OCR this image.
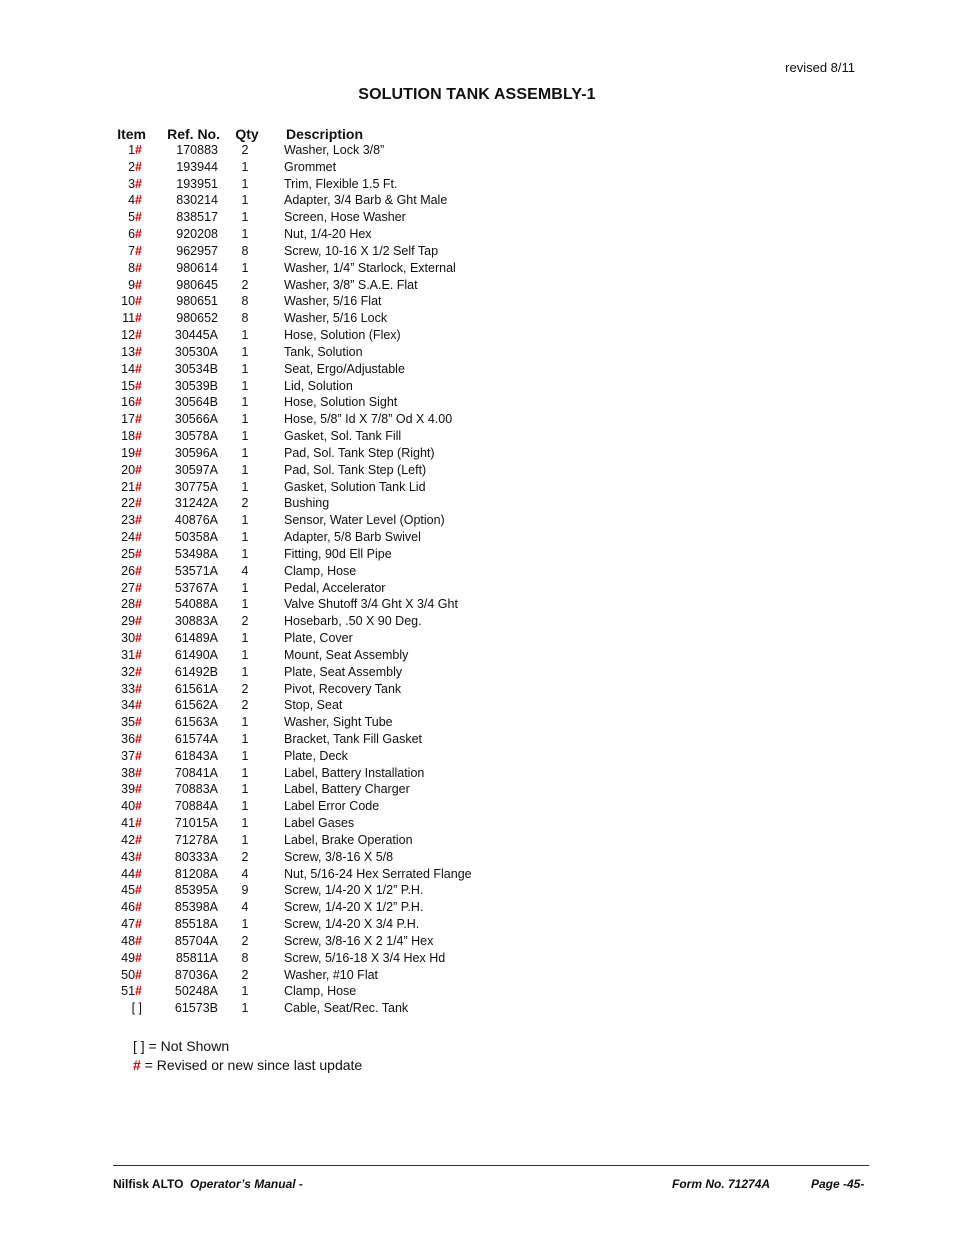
revised 8/11
SOLUTION TANK ASSEMBLY-1
Item	Ref. No.	Qty	Description
1#	170883	2	Washer, Lock 3/8”
2#	193944	1	Grommet
3#	193951	1	Trim, Flexible 1.5 Ft.
4#	830214	1	Adapter, 3/4 Barb & Ght Male
5#	838517	1	Screen, Hose Washer
6#	920208	1	Nut, 1/4-20 Hex
7#	962957	8	Screw, 10-16 X 1/2 Self Tap
8#	980614	1	Washer, 1/4” Starlock, External
9#	980645	2	Washer, 3/8” S.A.E. Flat
10#	980651	8	Washer, 5/16 Flat
11#	980652	8	Washer, 5/16 Lock
12#	30445A	1	Hose, Solution (Flex)
13#	30530A	1	Tank, Solution
14#	30534B	1	Seat, Ergo/Adjustable
15#	30539B	1	Lid, Solution
16#	30564B	1	Hose, Solution Sight
17#	30566A	1	Hose, 5/8” Id X 7/8” Od X 4.00
18#	30578A	1	Gasket, Sol. Tank Fill
19#	30596A	1	Pad, Sol. Tank Step (Right)
20#	30597A	1	Pad, Sol. Tank Step (Left)
21#	30775A	1	Gasket, Solution Tank Lid
22#	31242A	2	Bushing
23#	40876A	1	Sensor, Water Level (Option)
24#	50358A	1	Adapter, 5/8 Barb Swivel
25#	53498A	1	Fitting, 90d Ell Pipe
26#	53571A	4	Clamp, Hose
27#	53767A	1	Pedal, Accelerator
28#	54088A	1	Valve Shutoff 3/4 Ght X 3/4 Ght
29#	30883A	2	Hosebarb, .50 X 90 Deg.
30#	61489A	1	Plate, Cover
31#	61490A	1	Mount, Seat Assembly
32#	61492B	1	Plate, Seat Assembly
33#	61561A	2	Pivot, Recovery Tank
34#	61562A	2	Stop, Seat
35#	61563A	1	Washer, Sight Tube
36#	61574A	1	Bracket, Tank Fill Gasket
37#	61843A	1	Plate, Deck
38#	70841A	1	Label, Battery Installation
39#	70883A	1	Label, Battery Charger
40#	70884A	1	Label Error Code
41#	71015A	1	Label Gases
42#	71278A	1	Label, Brake Operation
43#	80333A	2	Screw, 3/8-16 X 5/8
44#	81208A	4	Nut, 5/16-24 Hex Serrated Flange
45#	85395A	9	Screw, 1/4-20 X 1/2” P.H.
46#	85398A	4	Screw, 1/4-20 X 1/2” P.H.
47#	85518A	1	Screw, 1/4-20 X 3/4 P.H.
48#	85704A	2	Screw, 3/8-16 X 2 1/4” Hex
49#	85811A	8	Screw, 5/16-18 X 3/4 Hex Hd
50#	87036A	2	Washer, #10 Flat
51#	50248A	1	Clamp, Hose
[ ]	61573B	1	Cable, Seat/Rec. Tank
[ ] = Not Shown
# = Revised or new since last update
Nilfisk ALTO Operator’s Manual -	Form No. 71274A	Page -45-
